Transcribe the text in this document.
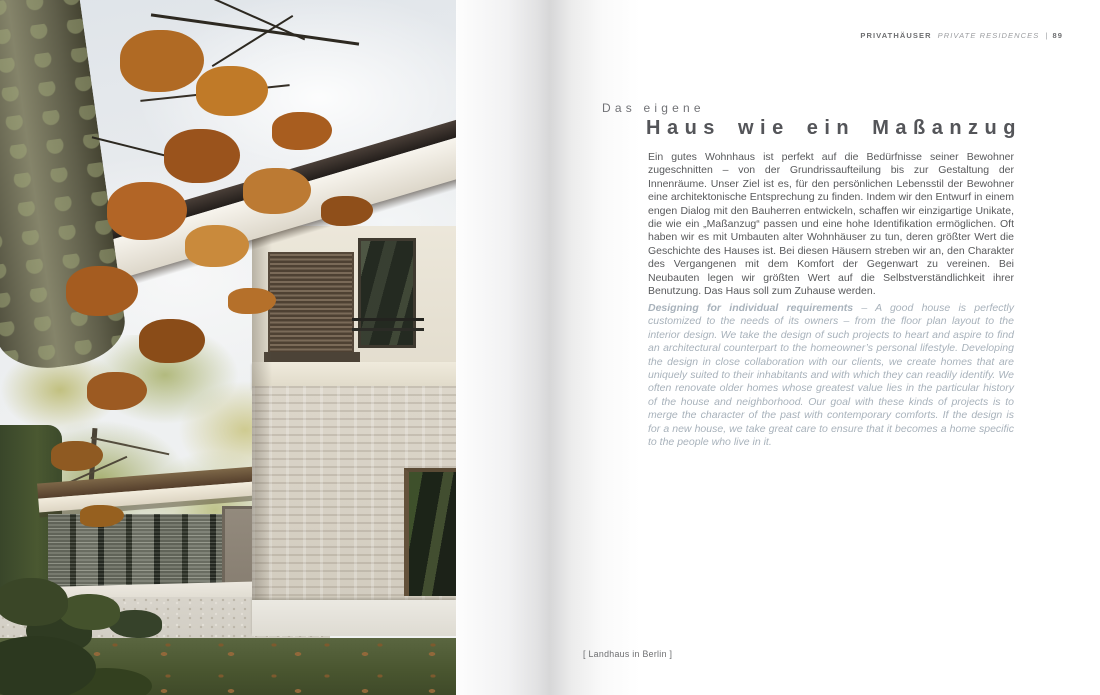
PRIVATHÄUSER PRIVATE RESIDENCES | 89
Das eigene
Haus wie ein Maßanzug

Ein gutes Wohnhaus ist perfekt auf die Bedürfnisse seiner Bewohner zugeschnitten – von der Grundrissaufteilung bis zur Gestaltung der Innenräume. Unser Ziel ist es, für den persönlichen Lebensstil der Bewohner eine architektonische Entsprechung zu finden. Indem wir den Entwurf in einem engen Dialog mit den Bauherren entwickeln, schaffen wir einzigartige Unikate, die wie ein „Maßanzug“ passen und eine hohe Identifikation ermöglichen. Oft haben wir es mit Umbauten alter Wohnhäuser zu tun, deren größter Wert die Geschichte des Hauses ist. Bei diesen Häusern streben wir an, den Charakter des Vergangenen mit dem Komfort der Gegenwart zu vereinen. Bei Neubauten legen wir größten Wert auf die Selbstverständlichkeit ihrer Benutzung. Das Haus soll zum Zuhause werden.

Designing for individual requirements – A good house is perfectly customized to the needs of its owners – from the floor plan layout to the interior design. We take the design of such projects to heart and aspire to find an architectural counterpart to the homeowner’s personal lifestyle. Developing the design in close collaboration with our clients, we create homes that are uniquely suited to their inhabitants and with which they can readily identify. We often renovate older homes whose greatest value lies in the particular history of the house and neighborhood. Our goal with these kinds of projects is to merge the character of the past with contemporary comforts. If the design is for a new house, we take great care to ensure that it becomes a home specific to the people who live in it.

[ Landhaus in Berlin ]
